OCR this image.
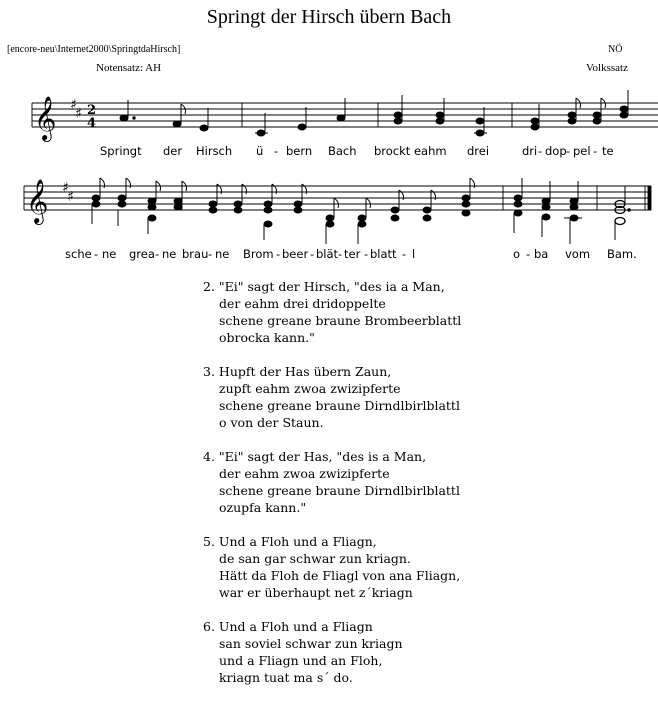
Springt der Hirsch übern Bach
[encore-neu\Internet2000\SpringtdaHirsch]
Notensatz: AH
NÖ
Volkssatz
𝄞 ♯
♯ 2
4
Springt der Hirsch ü - bern Bach brockt eahm drei	dri - dop - pel - te
𝄞 ♯
♯
sche - ne grea - ne brau - ne Brom - beer - blät - ter - blatt - l	o - ba vom Bam.
2. "Ei" sagt der Hirsch, "des ia a Man,
der eahm drei dridoppelte
schene greane braune Brombeerblattl
obrocka kann."
3. Hupft der Has übern Zaun,
zupft eahm zwoa zwizipferte
schene greane braune Dirndlbirlblattl
o von der Staun.
4. "Ei" sagt der Has, "des is a Man,
der eahm zwoa zwizipferte
schene greane braune Dirndlbirlblattl
ozupfa kann."
5. Und a Floh und a Fliagn,
de san gar schwar zun kriagn.
Hätt da Floh de Fliagl von ana Fliagn,
war er überhaupt net z´kriagn
6. Und a Floh und a Fliagn
san soviel schwar zun kriagn
und a Fliagn und an Floh,
kriagn tuat ma s´ do.
